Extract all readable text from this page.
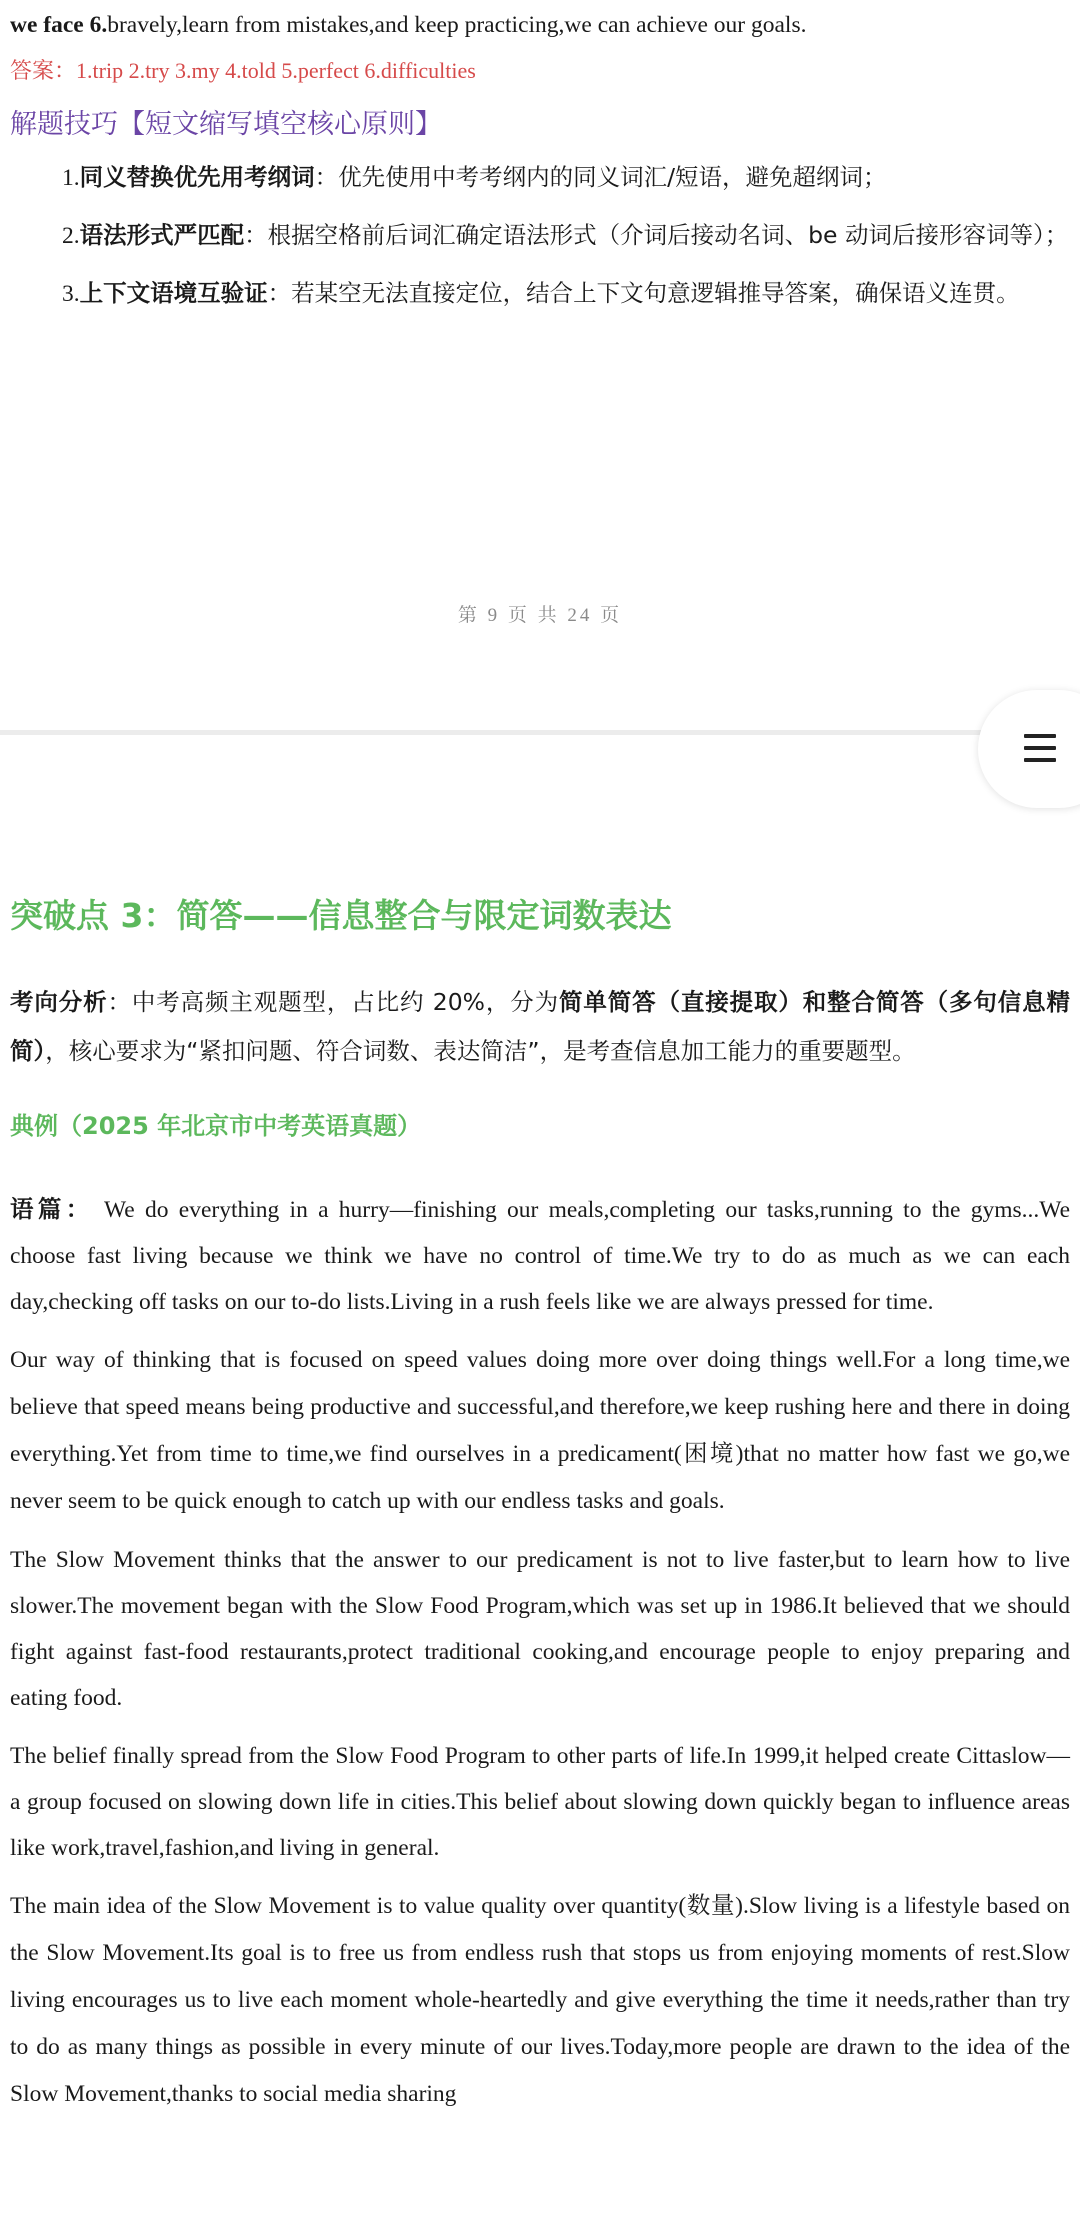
we face 6.bravely,learn from mistakes,and keep practicing,we can achieve our goals.

答案：1.trip 2.try 3.my 4.told 5.perfect 6.difficulties

解题技巧【短文缩写填空核心原则】

1.同义替换优先用考纲词：优先使用中考考纲内的同义词汇/短语，避免超纲词；

2.语法形式严匹配：根据空格前后词汇确定语法形式（介词后接动名词、be 动词后接形容词等）；

3.上下文语境互验证：若某空无法直接定位，结合上下文句意逻辑推导答案，确保语义连贯。

第 9 页 共 24 页

突破点 3：简答——信息整合与限定词数表达

考向分析：中考高频主观题型，占比约 20%，分为简单简答（直接提取）和整合简答（多句信息精简），核心要求为“紧扣问题、符合词数、表达简洁”，是考查信息加工能力的重要题型。

典例（2025 年北京市中考英语真题）

语篇： We do everything in a hurry—finishing our meals,completing our tasks,running to the gyms...We choose fast living because we think we have no control of time.We try to do as much as we can each day,checking off tasks on our to-do lists.Living in a rush feels like we are always pressed for time.

Our way of thinking that is focused on speed values doing more over doing things well.For a long time,we believe that speed means being productive and successful,and therefore,we keep rushing here and there in doing everything.Yet from time to time,we find ourselves in a predicament(困境)that no matter how fast we go,we never seem to be quick enough to catch up with our endless tasks and goals.

The Slow Movement thinks that the answer to our predicament is not to live faster,but to learn how to live slower.The movement began with the Slow Food Program,which was set up in 1986.It believed that we should fight against fast-food restaurants,protect traditional cooking,and encourage people to enjoy preparing and eating food.

The belief finally spread from the Slow Food Program to other parts of life.In 1999,it helped create Cittaslow—a group focused on slowing down life in cities.This belief about slowing down quickly began to influence areas like work,travel,fashion,and living in general.

The main idea of the Slow Movement is to value quality over quantity(数量).Slow living is a lifestyle based on the Slow Movement.Its goal is to free us from endless rush that stops us from enjoying moments of rest.Slow living encourages us to live each moment whole-heartedly and give everything the time it needs,rather than try to do as many things as possible in every minute of our lives.Today,more people are drawn to the idea of the Slow Movement,thanks to social media sharing
